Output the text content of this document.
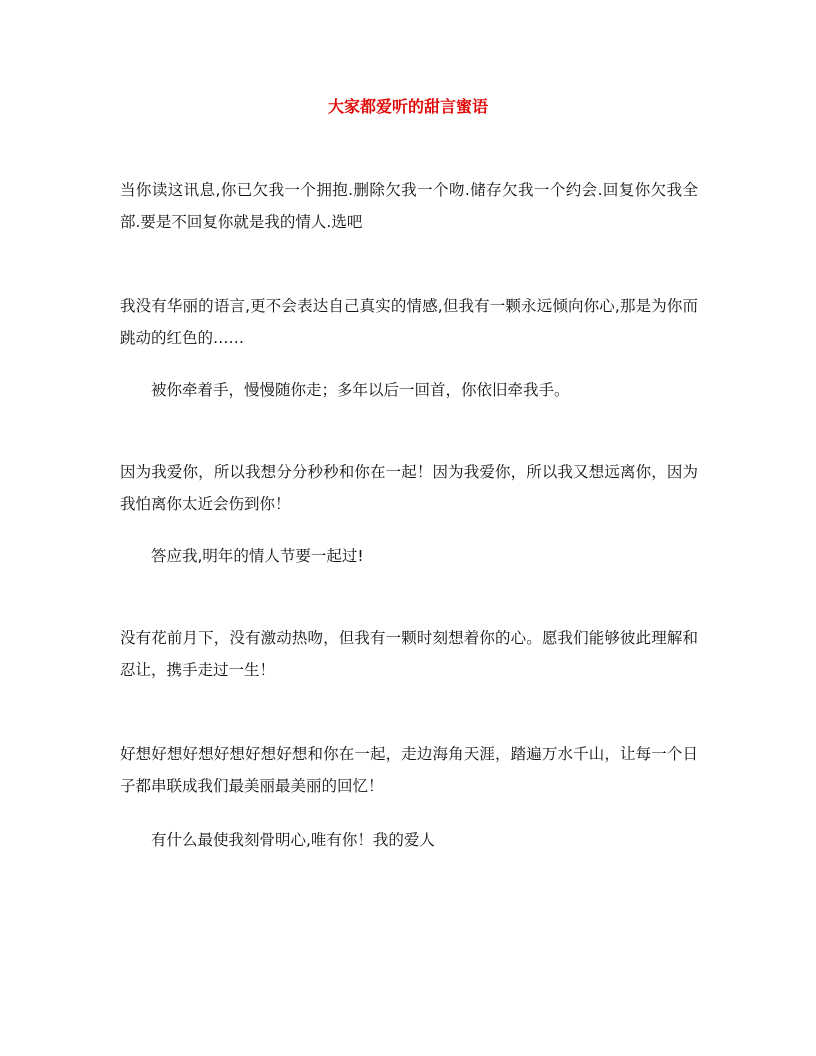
大家都爱听的甜言蜜语

当你读这讯息,你已欠我一个拥抱.删除欠我一个吻.储存欠我一个约会.回复你欠我全部.要是不回复你就是我的情人.选吧

我没有华丽的语言,更不会表达自己真实的情感,但我有一颗永远倾向你心,那是为你而跳动的红色的……

被你牵着手，慢慢随你走；多年以后一回首，你依旧牵我手。

因为我爱你，所以我想分分秒秒和你在一起！因为我爱你，所以我又想远离你，因为我怕离你太近会伤到你！

答应我,明年的情人节要一起过!

没有花前月下，没有激动热吻，但我有一颗时刻想着你的心。愿我们能够彼此理解和忍让，携手走过一生！

好想好想好想好想好想好想和你在一起，走边海角天涯，踏遍万水千山，让每一个日子都串联成我们最美丽最美丽的回忆！

有什么最使我刻骨明心,唯有你！我的爱人
